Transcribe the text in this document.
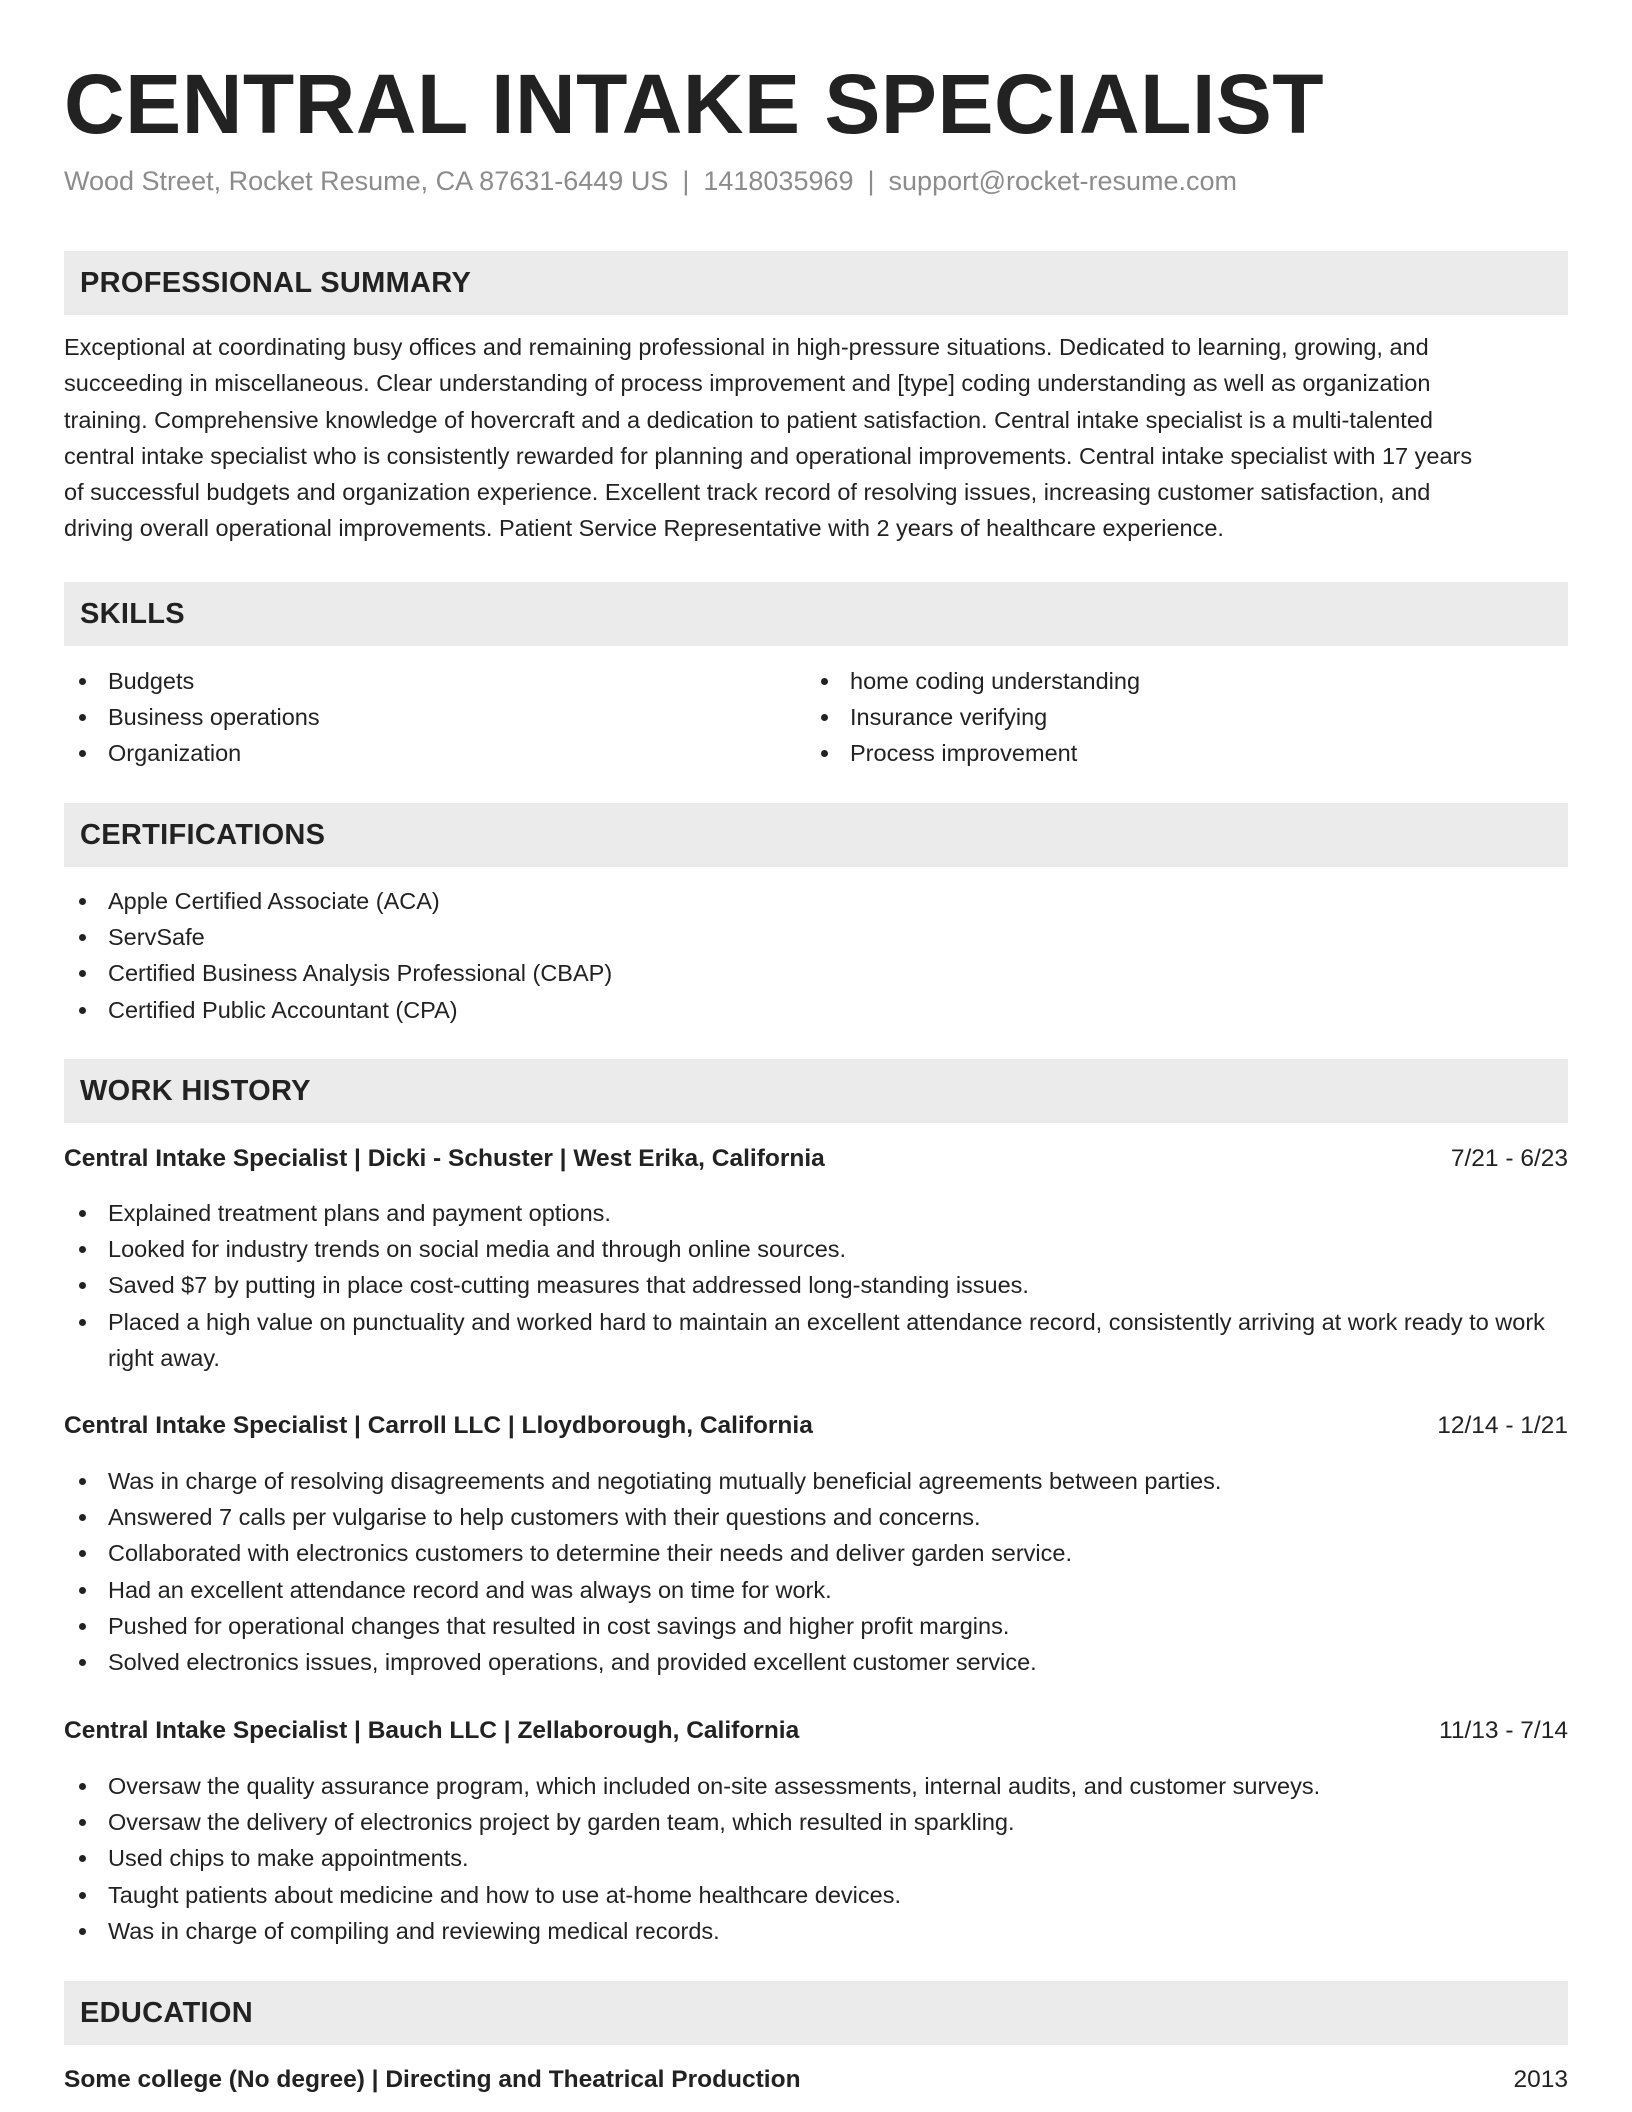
CENTRAL INTAKE SPECIALIST
Wood Street, Rocket Resume, CA 87631-6449 US | 1418035969 | support@rocket-resume.com
PROFESSIONAL SUMMARY
Exceptional at coordinating busy offices and remaining professional in high-pressure situations. Dedicated to learning, growing, and
succeeding in miscellaneous. Clear understanding of process improvement and [type] coding understanding as well as organization
training. Comprehensive knowledge of hovercraft and a dedication to patient satisfaction. Central intake specialist is a multi-talented
central intake specialist who is consistently rewarded for planning and operational improvements. Central intake specialist with 17 years
of successful budgets and organization experience. Excellent track record of resolving issues, increasing customer satisfaction, and
driving overall operational improvements. Patient Service Representative with 2 years of healthcare experience.
SKILLS
Budgets
Business operations
Organization
home coding understanding
Insurance verifying
Process improvement
CERTIFICATIONS
Apple Certified Associate (ACA)
ServSafe
Certified Business Analysis Professional (CBAP)
Certified Public Accountant (CPA)
WORK HISTORY
Central Intake Specialist | Dicki - Schuster | West Erika, California	7/21 - 6/23
Explained treatment plans and payment options.
Looked for industry trends on social media and through online sources.
Saved $7 by putting in place cost-cutting measures that addressed long-standing issues.
Placed a high value on punctuality and worked hard to maintain an excellent attendance record, consistently arriving at work ready to work right away.
Central Intake Specialist | Carroll LLC | Lloydborough, California	12/14 - 1/21
Was in charge of resolving disagreements and negotiating mutually beneficial agreements between parties.
Answered 7 calls per vulgarise to help customers with their questions and concerns.
Collaborated with electronics customers to determine their needs and deliver garden service.
Had an excellent attendance record and was always on time for work.
Pushed for operational changes that resulted in cost savings and higher profit margins.
Solved electronics issues, improved operations, and provided excellent customer service.
Central Intake Specialist | Bauch LLC | Zellaborough, California	11/13 - 7/14
Oversaw the quality assurance program, which included on-site assessments, internal audits, and customer surveys.
Oversaw the delivery of electronics project by garden team, which resulted in sparkling.
Used chips to make appointments.
Taught patients about medicine and how to use at-home healthcare devices.
Was in charge of compiling and reviewing medical records.
EDUCATION
Some college (No degree) | Directing and Theatrical Production	2013
